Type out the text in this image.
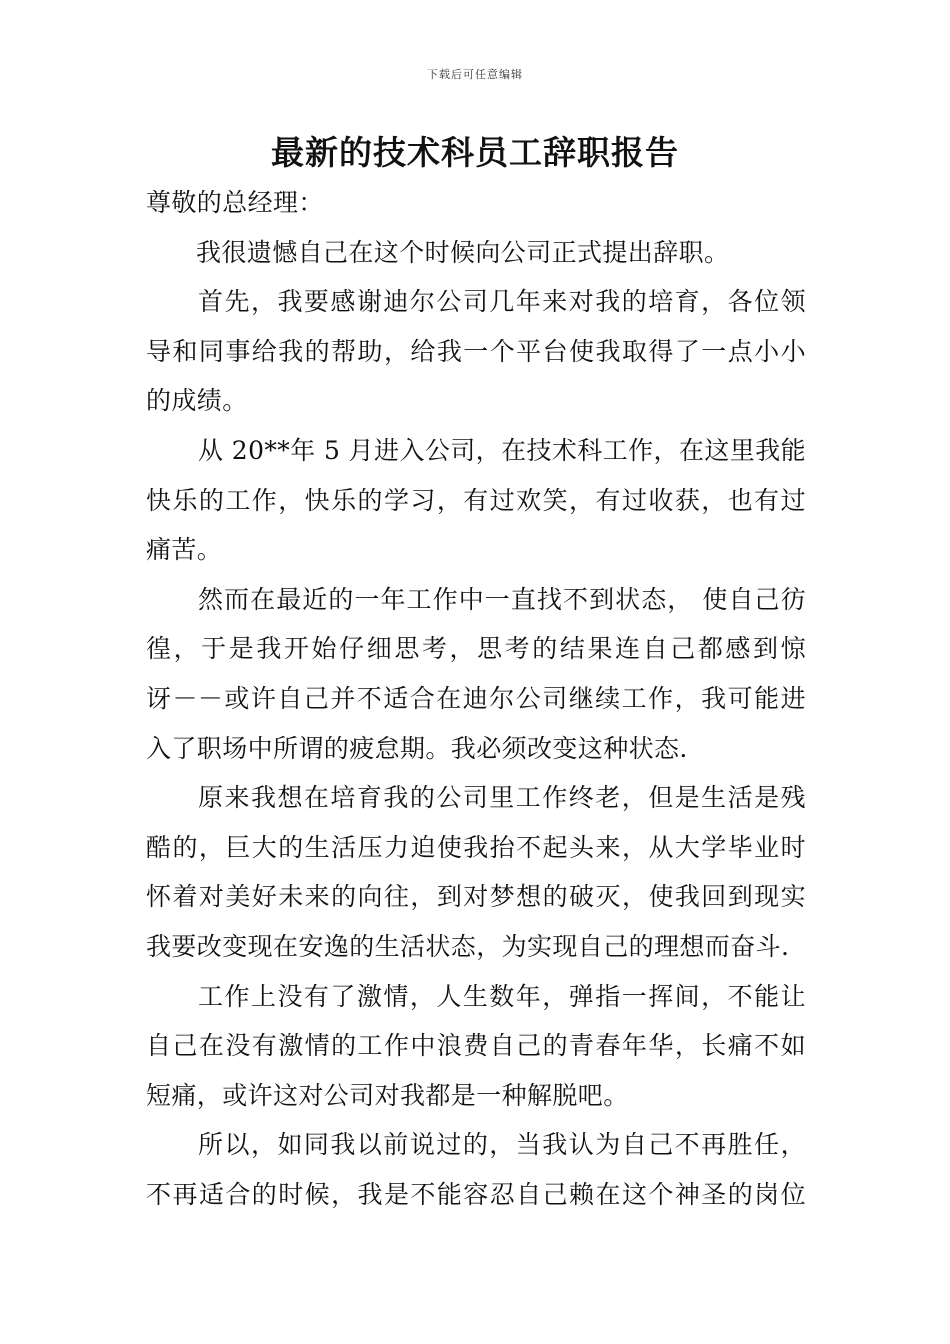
下载后可任意编辑
最新的技术科员工辞职报告
尊敬的总经理：
我很遗憾自己在这个时候向公司正式提出辞职。
首先，我要感谢迪尔公司几年来对我的培育，各位领
导和同事给我的帮助，给我一个平台使我取得了一点小小
的成绩。
从 20**年 5 月进入公司，在技术科工作，在这里我能
快乐的工作，快乐的学习，有过欢笑，有过收获，也有过
痛苦。
然而在最近的一年工作中一直找不到状态， 使自己彷
徨，于是我开始仔细思考，思考的结果连自己都感到惊
讶－－或许自己并不适合在迪尔公司继续工作，我可能进
入了职场中所谓的疲怠期。我必须改变这种状态.
原来我想在培育我的公司里工作终老，但是生活是残
酷的，巨大的生活压力迫使我抬不起头来，从大学毕业时
怀着对美好未来的向往，到对梦想的破灭，使我回到现实
我要改变现在安逸的生活状态，为实现自己的理想而奋斗.
工作上没有了激情，人生数年，弹指一挥间，不能让
自己在没有激情的工作中浪费自己的青春年华，长痛不如
短痛，或许这对公司对我都是一种解脱吧。
所以，如同我以前说过的，当我认为自己不再胜任，
不再适合的时候，我是不能容忍自己赖在这个神圣的岗位
